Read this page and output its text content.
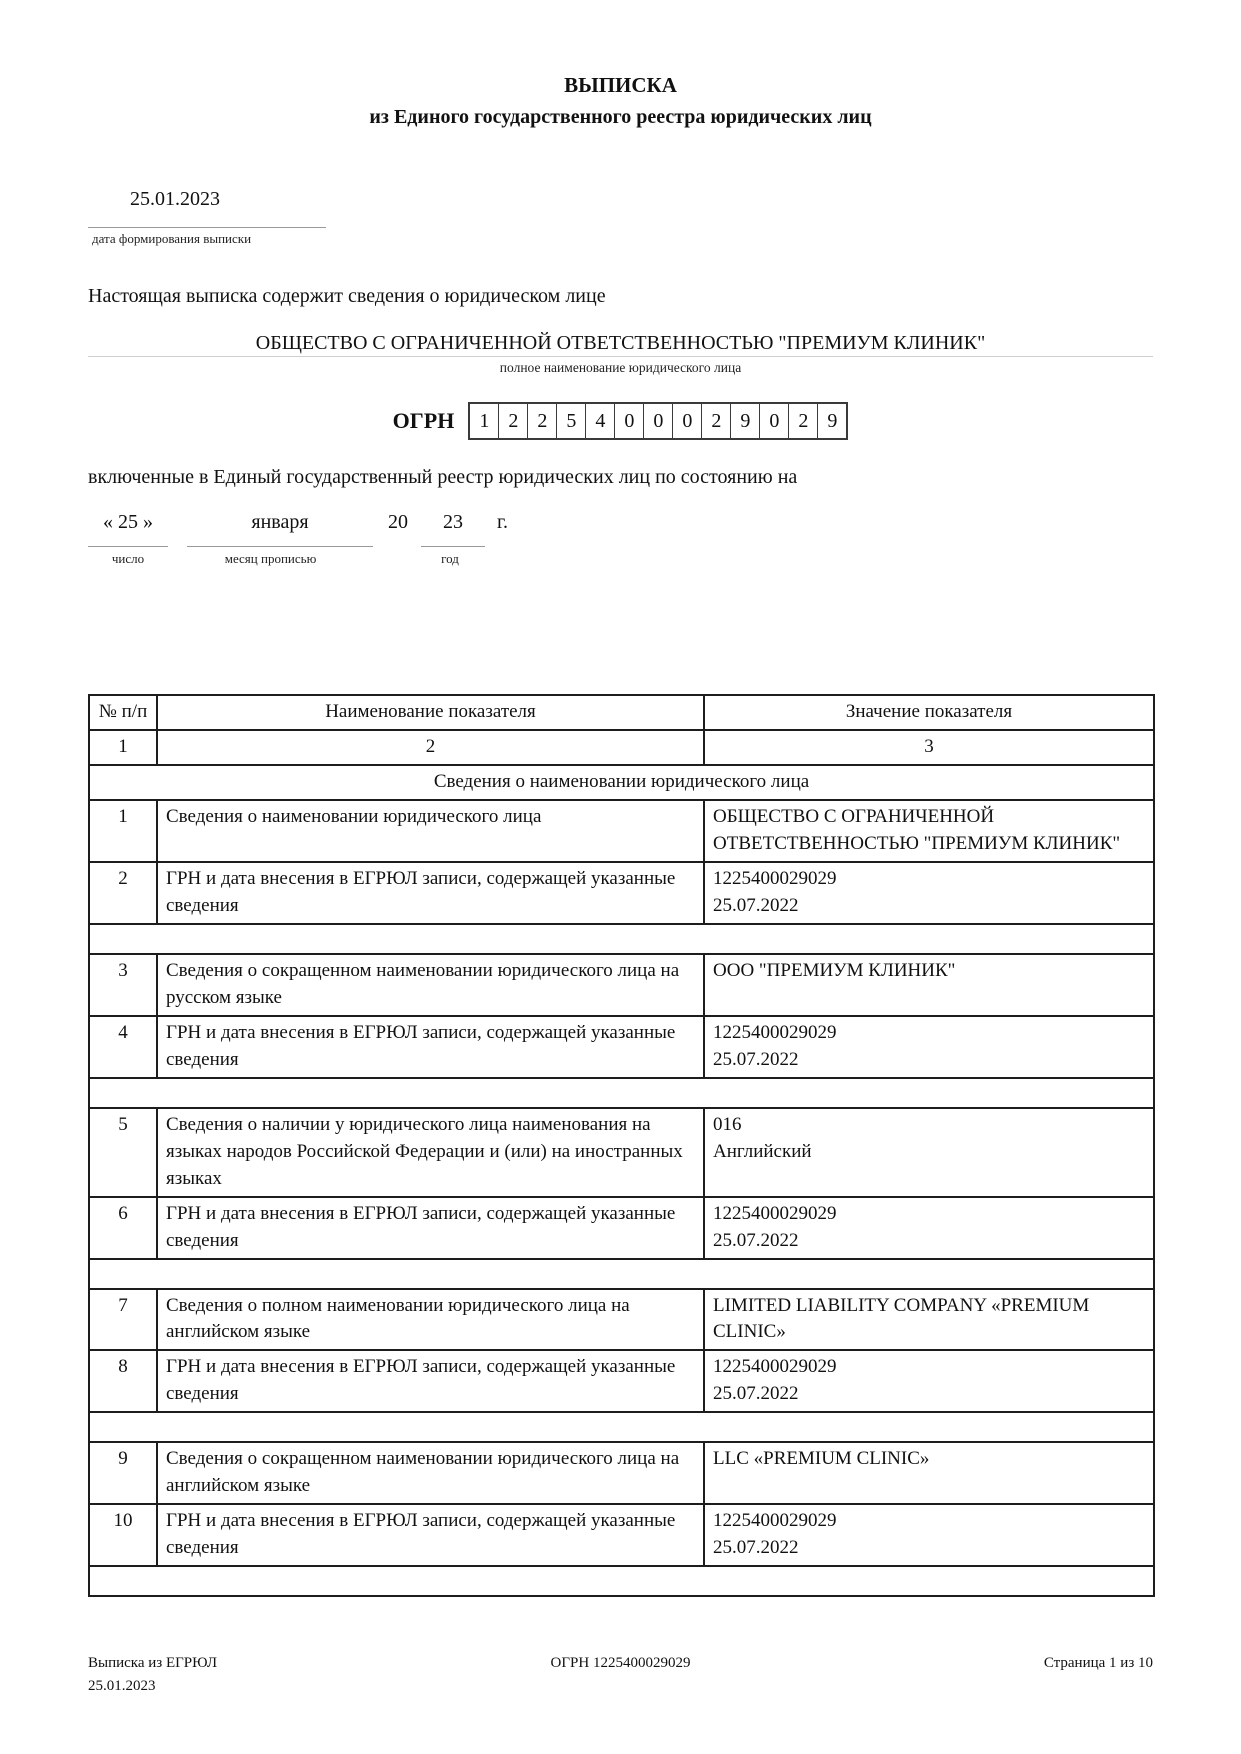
ВЫПИСКА
из Единого государственного реестра юридических лиц
25.01.2023
дата формирования выписки
Настоящая выписка содержит сведения о юридическом лице
ОБЩЕСТВО С ОГРАНИЧЕННОЙ ОТВЕТСТВЕННОСТЬЮ "ПРЕМИУМ КЛИНИК"
полное наименование юридического лица
ОГРН	1 2 2 5 4 0 0 0 2 9 0 2 9
включенные в Единый государственный реестр юридических лиц по состоянию на
« 25 »
число
января
месяц прописью
20	23
год
г.
№ п/п	Наименование показателя	Значение показателя
1	2	3
Сведения о наименовании юридического лица		
1	Сведения о наименовании юридического лица	ОБЩЕСТВО С ОГРАНИЧЕННОЙ ОТВЕТСТВЕННОСТЬЮ "ПРЕМИУМ КЛИНИК"

2	ГРН и дата внесения в ЕГРЮЛ записи, содержащей указанные сведения	1225400029029
25.07.2022

3	Сведения о сокращенном наименовании юридического лица на русском языке	ООО "ПРЕМИУМ КЛИНИК"

4	ГРН и дата внесения в ЕГРЮЛ записи, содержащей указанные сведения	1225400029029
25.07.2022

5	Сведения о наличии у юридического лица наименования на языках народов Российской Федерации и (или) на иностранных языках	016
Английский

6	ГРН и дата внесения в ЕГРЮЛ записи, содержащей указанные сведения	1225400029029
25.07.2022

7	Сведения о полном наименовании юридического лица на английском языке	LIMITED LIABILITY COMPANY «PREMIUM CLINIC»

8	ГРН и дата внесения в ЕГРЮЛ записи, содержащей указанные сведения	1225400029029
25.07.2022

9	Сведения о сокращенном наименовании юридического лица на английском языке	LLC «PREMIUM CLINIC»

10	ГРН и дата внесения в ЕГРЮЛ записи, содержащей указанные сведения	1225400029029
25.07.2022

Выписка из ЕГРЮЛ
25.01.2023
ОГРН 1225400029029	Страница 1 из 10
